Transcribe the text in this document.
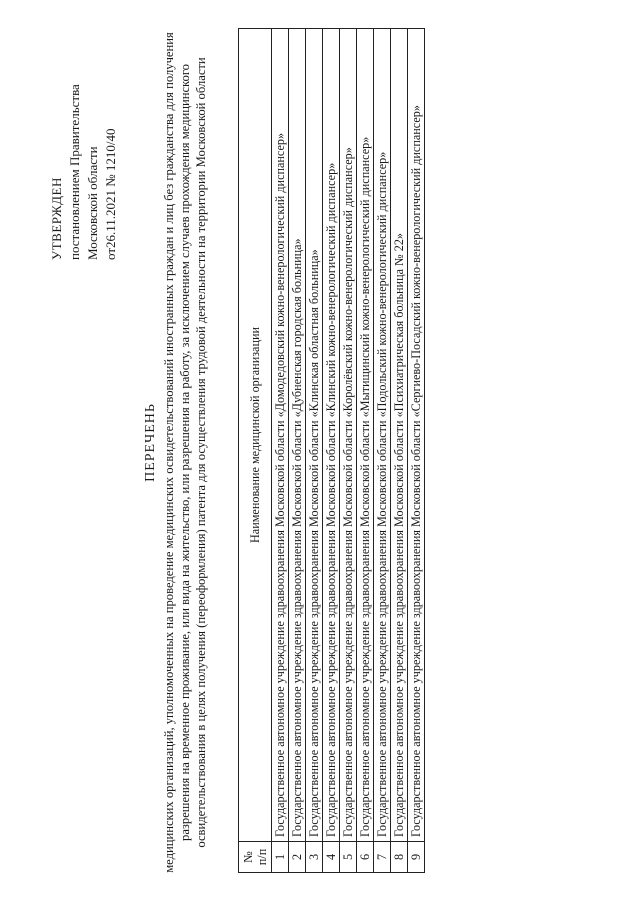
УТВЕРЖДЕН постановлением Правительства Московской области от26.11.2021 № 1210/40
ПЕРЕЧЕНЬ медицинских организаций, уполномоченных на проведение медицинских освидетельствований иностранных граждан и лиц без гражданства для получения разрешения на временное проживание, или вида на жительство, или разрешения на работу, за исключением случаев прохождения медицинского освидетельствования в целях получения (переоформления) патента для осуществления трудовой деятельности на территории Московской области
№ п/п	Наименование медицинской организации
1	Государственное автономное учреждение здравоохранения Московской области «Домодедовский кожно-венерологический диспансер»
2	Государственное автономное учреждение здравоохранения Московской области «Дубненская городская больница»
3	Государственное автономное учреждение здравоохранения Московской области «Клинская областная больница»
4	Государственное автономное учреждение здравоохранения Московской области «Клинский кожно-венерологический диспансер»
5	Государственное автономное учреждение здравоохранения Московской области «Королёвский кожно-венерологический диспансер»
6	Государственное автономное учреждение здравоохранения Московской области «Мытищинский кожно-венерологический диспансер»
7	Государственное автономное учреждение здравоохранения Московской области «Подольский кожно-венерологический диспансер»
8	Государственное автономное учреждение здравоохранения Московской области «Психиатрическая больница № 22»
9	Государственное автономное учреждение здравоохранения Московской области «Сергиево-Посадский кожно-венерологический диспансер»
